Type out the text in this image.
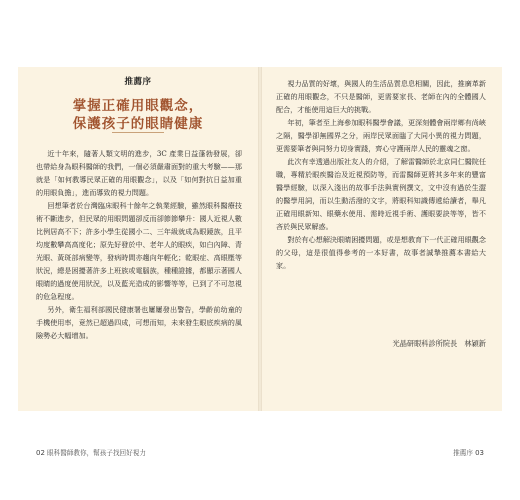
推薦序
掌握正確用眼觀念，
保護孩子的眼睛健康

近十年來，隨著人類文明的進步，3C 產業日益蓬勃發展，卻也帶給身為眼科醫師的我們，一個必須嚴肅面對的重大考驗——那就是「如何教導民眾正確的用眼觀念」，以及「如何對抗日益加重的用眼負擔」，進而導致的視力問題。

回想筆者於台灣臨床眼科十餘年之執業經驗，雖然眼科醫療技術不斷進步，但民眾的用眼問題卻反而卻節節攀升：國人近視人數比例居高不下；許多小學生從國小二、三年級就成為眼鏡族，且平均度數攀高高度化；原先好發於中、老年人的眼疾，如白內障、青光眼、黃斑部病變等，發病時間亦趨向年輕化；乾眼症、高眼壓等狀況，總是困擾著許多上班族或電腦族，種種證據，都顯示著國人眼睛的過度使用狀況，以及藍光造成的影響等等，已到了不可忽視的危急程度。

另外，衛生福利部國民健康署也屢屢發出警告，學齡前幼童的手機使用率，竟然已超過四成，可想而知，未來發生眼底疾病的風險勢必大幅增加。

02 眼科醫師教你，幫孩子找回好視力

視力品質的好壞，與國人的生活品質息息相關，因此，推廣革新正確的用眼觀念，不只是醫師，更需要家長、老師在內的全體國人配合，才能使用這巨大的挑戰。

年初，筆者至上海參加眼科醫學會議，更深刻體會兩岸鄉有尚峽之隔，醫學卻無國界之分，兩岸民眾面臨了大同小異的視力問題，更需要筆者與同努力切身實踐，齊心守護兩岸人民的靈魂之窗。

此次有幸透過出版社友人的介紹，了解雷醫師於北京同仁醫院任職，專精於眼疾醫治及近視預防等，而雷醫師更將其多年來的豐富醫學經驗，以深入淺出的故事手法與實例撰文，文中沒有過於生澀的醫學用詞，而以生動活潑的文字，將眼科知識傳遞給讀者，舉凡正確用眼新知、眼藥水使用、需時近視手術、護眼要訣等等，皆不吝於與民眾解惑。

對於有心想解決眼睛困擾問題，或是想教育下一代正確用眼觀念的父母，這是很值得參考的一本好書，故事者誠摯推薦本書給大家。

光晶研眼科診所院長　林穎新
推薦序 03
